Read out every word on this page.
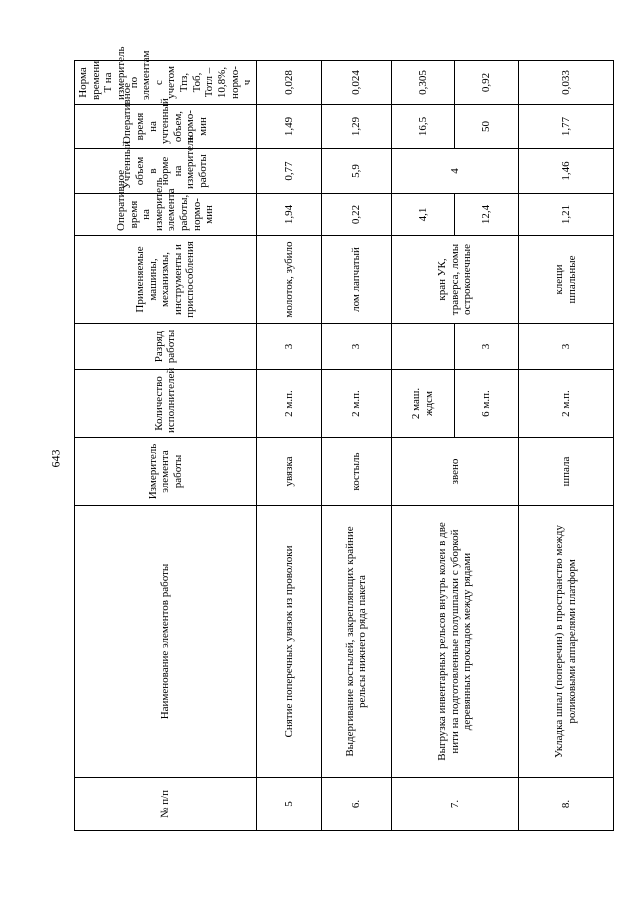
643
№ п/п	Наименование элементов работы	Измеритель элемента работы	Количество исполнителей	Разряд работы	Применяемые машины, механизмы, инструменты и приспособления	Оперативное время на измеритель элемента работы, нормо-мин	Учтенный объем в норме на измеритель работы	Оперативное время на учтенный объем, нормо-мин	Норма времени T на измеритель по элементам с учетом Тпз, Тоб, Тотл – 10,8%, нормо-ч
5	Снятие поперечных увязок из проволоки	увязка	2 м.п.	3	молоток, зубило	1,94	0,77	1,49	0,028
6.	Выдергивание костылей, закрепляющих крайние рельсы нижнего ряда пакета	костыль	2 м.п.	3	лом лапчатый	0,22	5,9	1,29	0,024
7.	Выгрузка инвентарных рельсов внутрь колеи в две нити на подготовленные полушпалки с уборкой деревянных прокладок между рядами	звено	2 маш. ждсм		кран УК, траверса, ломы остроконечные	4,1	4	16,5	0,305
			6 м.п.	3		12,4		50	0,92
8.	Укладка шпал (поперечин) в пространство между роликовыми аппарелями платформ	шпала	2 м.п.	3	клещи шпальные	1,21	1,46	1,77	0,033
